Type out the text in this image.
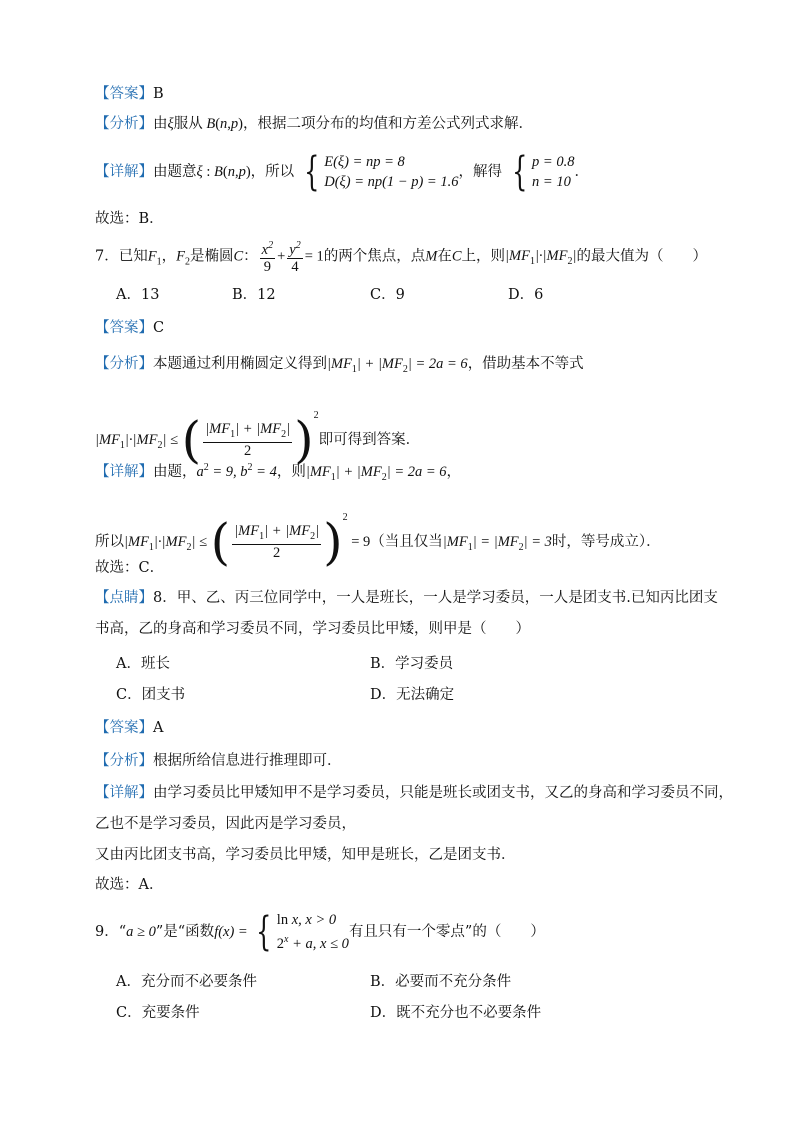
【答案】B
【分析】由ξ服从 B(n,p)，根据二项分布的均值和方差公式列式求解．
【详解】由题意ξ : B(n,p)，所以 { E(ξ) = np = 8
D(ξ) = np(1 − p) = 1.6
，解得 { p = 0.8
n = 10
．
故选：B．
7．已知$F_1$，$F_2$是椭圆C： $\frac{x^2}{9} + \frac{y^2}{4} = 1$的两个焦点，点M在C上，则$|MF_1|\cdot|MF_2|$的最大值为（　　）
A．13	B．12	C．9	D．6
【答案】C
【分析】本题通过利用椭圆定义得到$|MF_1| + |MF_2| = 2a = 6$，借助基本不等式
$|MF_1|\cdot|MF_2|$ ≤ ( $\frac{|MF_1| + |MF_2|}{2} )^2$即可得到答案．
【详解】由题，$a^2 = 9$, $b^2 = 4$，则$|MF_1| + |MF_2| = 2a = 6$，
所以$|MF_1|\cdot|MF_2|$ ≤ ( $\frac{|MF_1| + |MF_2|}{2} )^2 = 9$（当且仅当$|MF_1| = |MF_2| = 3$时，等号成立）．
故选：C．
【点睛】8．甲、乙、丙三位同学中，一人是班长，一人是学习委员，一人是团支书.已知丙比团支
书高，乙的身高和学习委员不同，学习委员比甲矮，则甲是（　　）
A．班长	B．学习委员
C．团支书	D．无法确定
【答案】A
【分析】根据所给信息进行推理即可．
【详解】由学习委员比甲矮知甲不是学习委员，只能是班长或团支书，又乙的身高和学习委员不同，
乙也不是学习委员，因此丙是学习委员，
又由丙比团支书高，学习委员比甲矮，知甲是班长，乙是团支书．
故选：A．
9．“a ≥ 0”是“函数f(x) = { ln x, x > 0
$2^x + a$, x ≤ 0
有且只有一个零点”的（　　）
A．充分而不必要条件	B．必要而不充分条件
C．充要条件	D．既不充分也不必要条件
